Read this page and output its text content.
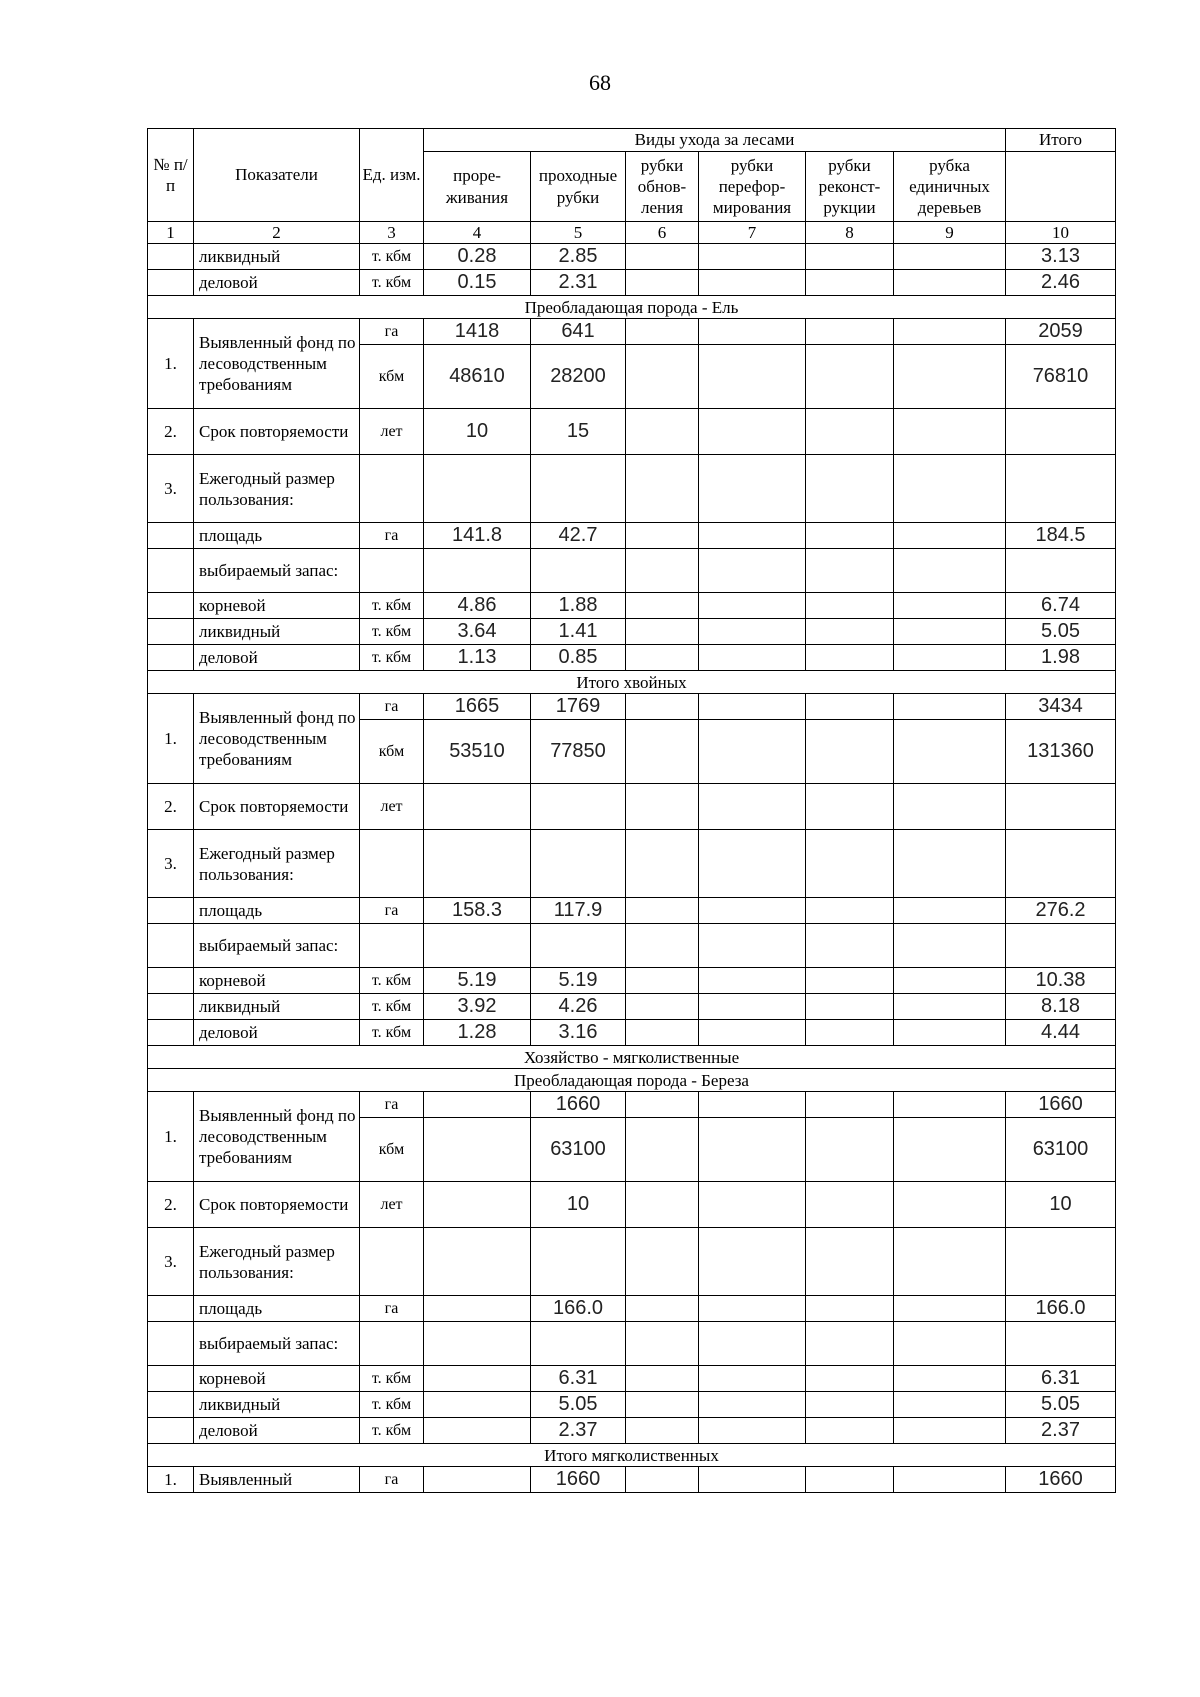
68
№ п/п	Показатели	Ед. изм.	Виды ухода за лесами						Итого
			проре-живания	проходные рубки	рубки обнов-ления	рубки перефор-мирования	рубки реконст-рукции	рубка единичных деревьев	
1	2	3	4	5	6	7	8	9	10
	ликвидный	т. кбм	0.28	2.85					3.13
	деловой	т. кбм	0.15	2.31					2.46
Преобладающая порода - Ель									
1.	Выявленный фонд по лесоводственным требованиям	га	1418	641					2059
		кбм	48610	28200					76810
2.	Срок повторяемости	лет	10	15					
3.	Ежегодный размер пользования:								
	площадь	га	141.8	42.7					184.5
	выбираемый запас:								
	корневой	т. кбм	4.86	1.88					6.74
	ликвидный	т. кбм	3.64	1.41					5.05
	деловой	т. кбм	1.13	0.85					1.98
Итого хвойных									
1.	Выявленный фонд по лесоводственным требованиям	га	1665	1769					3434
		кбм	53510	77850					131360
2.	Срок повторяемости	лет							
3.	Ежегодный размер пользования:								
	площадь	га	158.3	117.9					276.2
	выбираемый запас:								
	корневой	т. кбм	5.19	5.19					10.38
	ликвидный	т. кбм	3.92	4.26					8.18
	деловой	т. кбм	1.28	3.16					4.44
Хозяйство - мягколиственные									
Преобладающая порода - Береза									
1.	Выявленный фонд по лесоводственным требованиям	га		1660					1660
		кбм		63100					63100
2.	Срок повторяемости	лет		10					10
3.	Ежегодный размер пользования:								
	площадь	га		166.0					166.0
	выбираемый запас:								
	корневой	т. кбм		6.31					6.31
	ликвидный	т. кбм		5.05					5.05
	деловой	т. кбм		2.37					2.37
Итого мягколиственных									
1.	Выявленный	га		1660					1660
